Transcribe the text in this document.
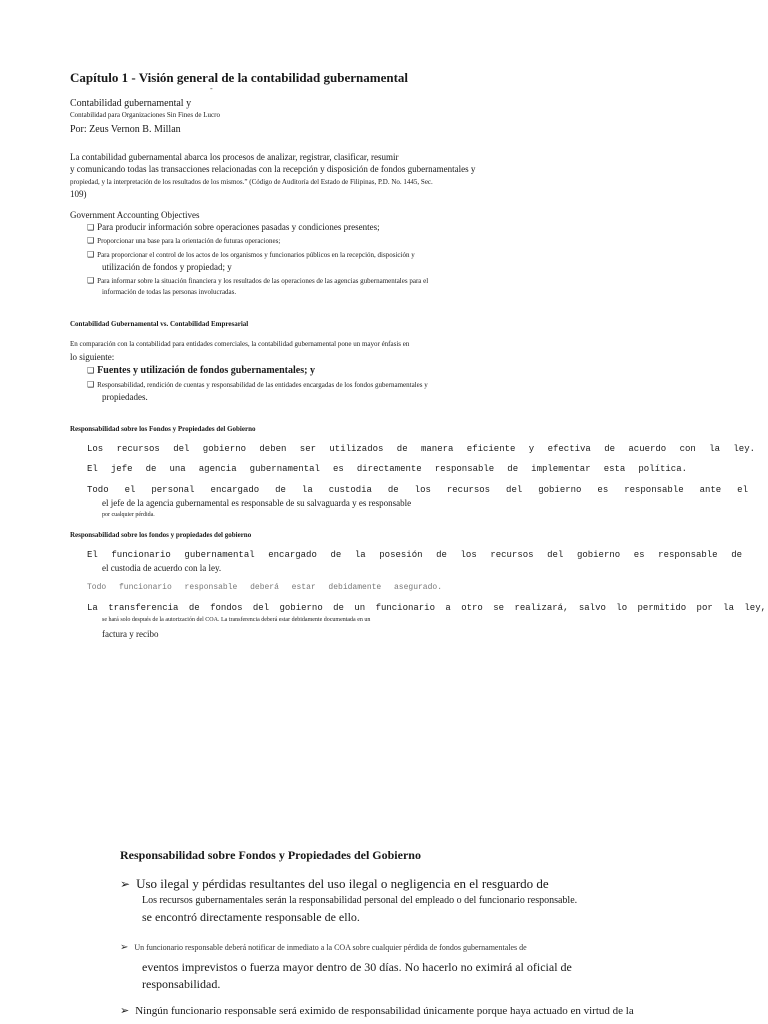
Capítulo 1 - Visión general de la contabilidad gubernamental
-
Contabilidad gubernamental y
Contabilidad para Organizaciones Sin Fines de Lucro
Por: Zeus Vernon B. Millan
La contabilidad gubernamental abarca los procesos de analizar, registrar, clasificar, resumir
y comunicando todas las transacciones relacionadas con la recepción y disposición de fondos gubernamentales y
propiedad, y la interpretación de los resultados de los mismos.” (Código de Auditoría del Estado de Filipinas, P.D. No. 1445, Sec.
109)
Government Accounting Objectives
❑ Para producir información sobre operaciones pasadas y condiciones presentes;
❑ Proporcionar una base para la orientación de futuras operaciones;
❑ Para proporcionar el control de los actos de los organismos y funcionarios públicos en la recepción, disposición y
utilización de fondos y propiedad; y
❑ Para informar sobre la situación financiera y los resultados de las operaciones de las agencias gubernamentales para el
información de todas las personas involucradas.
Contabilidad Gubernamental vs. Contabilidad Empresarial
En comparación con la contabilidad para entidades comerciales, la contabilidad gubernamental pone un mayor énfasis en
lo siguiente:
❑ Fuentes y utilización de fondos gubernamentales; y
❑ Responsabilidad, rendición de cuentas y responsabilidad de las entidades encargadas de los fondos gubernamentales y
propiedades.
Responsabilidad sobre los Fondos y Propiedades del Gobierno
Los recursos del gobierno deben ser utilizados de manera eficiente y efectiva de acuerdo con la ley.
El jefe de una agencia gubernamental es directamente responsable de implementar esta política.
Todo el personal encargado de la custodia de los recursos del gobierno es responsable ante el
el jefe de la agencia gubernamental es responsable de su salvaguarda y es responsable
por cualquier pérdida.
Responsabilidad sobre los fondos y propiedades del gobierno
El funcionario gubernamental encargado de la posesión de los recursos del gobierno es responsable de
el custodia de acuerdo con la ley.
Todo funcionario responsable deberá estar debidamente asegurado.
La transferencia de fondos del gobierno de un funcionario a otro se realizará, salvo lo permitido por la ley,
se hará solo después de la autorización del COA. La transferencia deberá estar debidamente documentada en un
factura y recibo
Responsabilidad sobre Fondos y Propiedades del Gobierno
➢ Uso ilegal y pérdidas resultantes del uso ilegal o negligencia en el resguardo de
Los recursos gubernamentales serán la responsabilidad personal del empleado o del funcionario responsable.
se encontró directamente responsable de ello.
➢ Un funcionario responsable deberá notificar de inmediato a la COA sobre cualquier pérdida de fondos gubernamentales de
eventos imprevistos o fuerza mayor dentro de 30 días. No hacerlo no eximirá al oficial de
responsabilidad.
➢ Ningún funcionario responsable será eximido de responsabilidad únicamente porque haya actuado en virtud de la
